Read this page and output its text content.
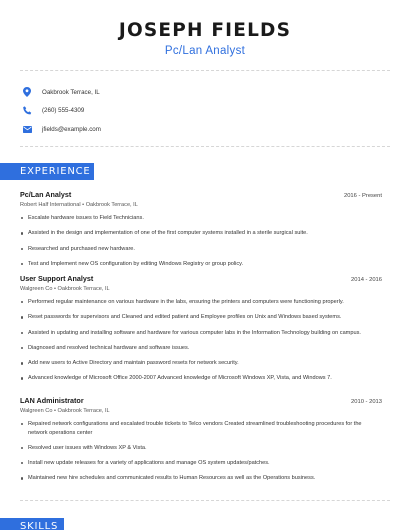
JOSEPH FIELDS
Pc/Lan Analyst
Oakbrook Terrace, IL
(260) 555-4309
jfields@example.com
EXPERIENCE
Pc/Lan Analyst	2016 - Present
Robert Half International • Oakbrook Terrace, IL
Escalate hardware issues to Field Technicians.
Assisted in the design and implementation of one of the first computer systems installed in a sterile surgical suite.
Researched and purchased new hardware.
Test and Implement new OS configuration by editing Windows Registry or group policy.
User Support Analyst	2014 - 2016
Walgreen Co • Oakbrook Terrace, IL
Performed regular maintenance on various hardware in the labs, ensuring the printers and computers were functioning properly.
Reset passwords for supervisors and Cleaned and edited patient and Employee profiles on Unix and Windows based systems.
Assisted in updating and installing software and hardware for various computer labs in the Information Technology building on campus.
Diagnosed and resolved technical hardware and software issues.
Add new users to Active Directory and maintain password resets for network security.
Advanced knowledge of Microsoft Office 2000-2007 Advanced knowledge of Microsoft Windows XP, Vista, and Windows 7.
LAN Administrator	2010 - 2013
Walgreen Co • Oakbrook Terrace, IL
Repaired network configurations and escalated trouble tickets to Telco vendors Created streamlined troubleshooting procedures for the network operations center
Resolved user issues with Windows XP & Vista.
Install new update releases for a variety of applications and manage OS system updates/patches.
Maintained new hire schedules and communicated results to Human Resources as well as the Operations business.
SKILLS
